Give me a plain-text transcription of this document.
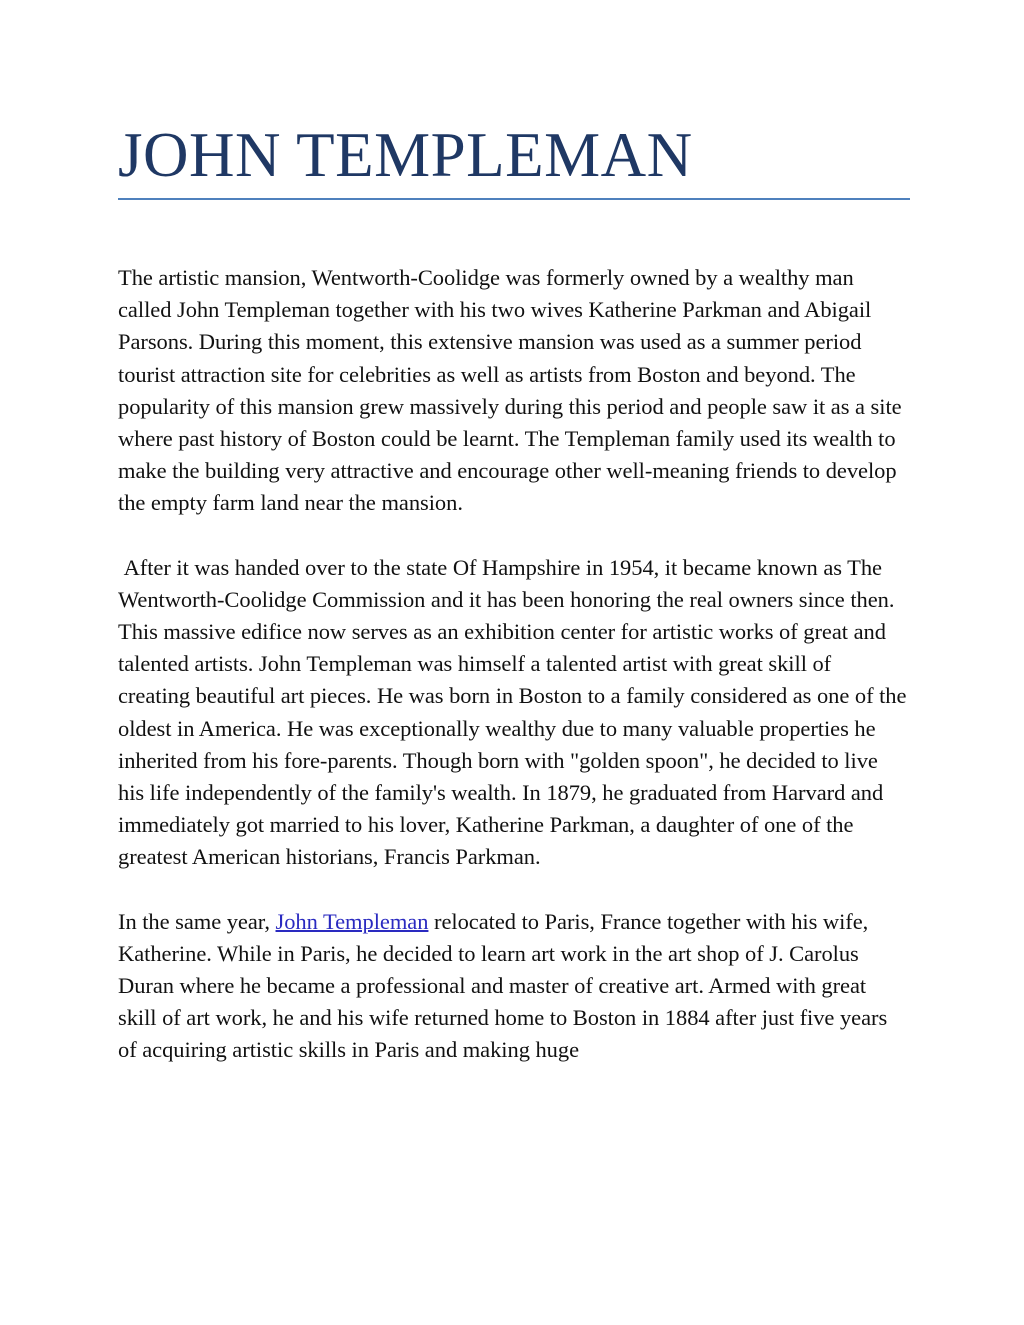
JOHN TEMPLEMAN

The artistic mansion, Wentworth-Coolidge was formerly owned by a wealthy man called John Templeman together with his two wives Katherine Parkman and Abigail Parsons. During this moment, this extensive mansion was used as a summer period tourist attraction site for celebrities as well as artists from Boston and beyond. The popularity of this mansion grew massively during this period and people saw it as a site where past history of Boston could be learnt. The Templeman family used its wealth to make the building very attractive and encourage other well-meaning friends to develop the empty farm land near the mansion.

After it was handed over to the state Of Hampshire in 1954, it became known as The Wentworth-Coolidge Commission and it has been honoring the real owners since then. This massive edifice now serves as an exhibition center for artistic works of great and talented artists. John Templeman was himself a talented artist with great skill of creating beautiful art pieces. He was born in Boston to a family considered as one of the oldest in America. He was exceptionally wealthy due to many valuable properties he inherited from his fore-parents. Though born with "golden spoon", he decided to live his life independently of the family's wealth. In 1879, he graduated from Harvard and immediately got married to his lover, Katherine Parkman, a daughter of one of the greatest American historians, Francis Parkman.

In the same year, John Templeman relocated to Paris, France together with his wife, Katherine. While in Paris, he decided to learn art work in the art shop of J. Carolus Duran where he became a professional and master of creative art. Armed with great skill of art work, he and his wife returned home to Boston in 1884 after just five years of acquiring artistic skills in Paris and making huge
